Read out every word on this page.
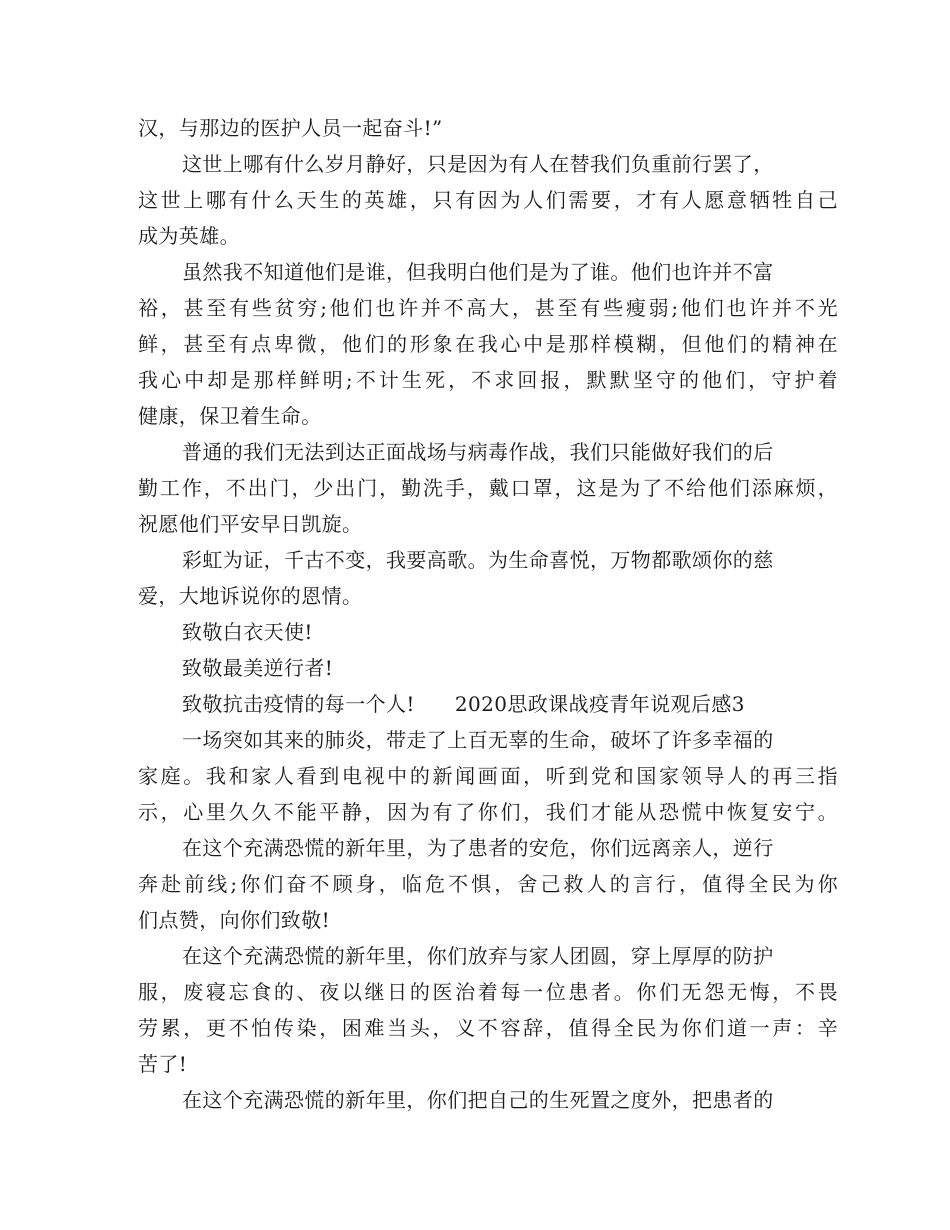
汉，与那边的医护人员一起奋斗!”
这世上哪有什么岁月静好，只是因为有人在替我们负重前行罢了，
这世上哪有什么天生的英雄，只有因为人们需要，才有人愿意牺牲自己
成为英雄。
虽然我不知道他们是谁，但我明白他们是为了谁。他们也许并不富
裕，甚至有些贫穷;他们也许并不高大，甚至有些瘦弱;他们也许并不光
鲜，甚至有点卑微，他们的形象在我心中是那样模糊，但他们的精神在
我心中却是那样鲜明;不计生死，不求回报，默默坚守的他们，守护着
健康，保卫着生命。
普通的我们无法到达正面战场与病毒作战，我们只能做好我们的后
勤工作，不出门，少出门，勤洗手，戴口罩，这是为了不给他们添麻烦，
祝愿他们平安早日凯旋。
彩虹为证，千古不变，我要高歌。为生命喜悦，万物都歌颂你的慈
爱，大地诉说你的恩情。
致敬白衣天使!
致敬最美逆行者!
致敬抗击疫情的每一个人! 2020思政课战疫青年说观后感3
一场突如其来的肺炎，带走了上百无辜的生命，破坏了许多幸福的
家庭。我和家人看到电视中的新闻画面，听到党和国家领导人的再三指
示，心里久久不能平静，因为有了你们，我们才能从恐慌中恢复安宁。
在这个充满恐慌的新年里，为了患者的安危，你们远离亲人，逆行
奔赴前线;你们奋不顾身，临危不惧，舍己救人的言行，值得全民为你
们点赞，向你们致敬!
在这个充满恐慌的新年里，你们放弃与家人团圆，穿上厚厚的防护
服，废寝忘食的、夜以继日的医治着每一位患者。你们无怨无悔，不畏
劳累，更不怕传染，困难当头，义不容辞，值得全民为你们道一声：辛
苦了!
在这个充满恐慌的新年里，你们把自己的生死置之度外，把患者的
